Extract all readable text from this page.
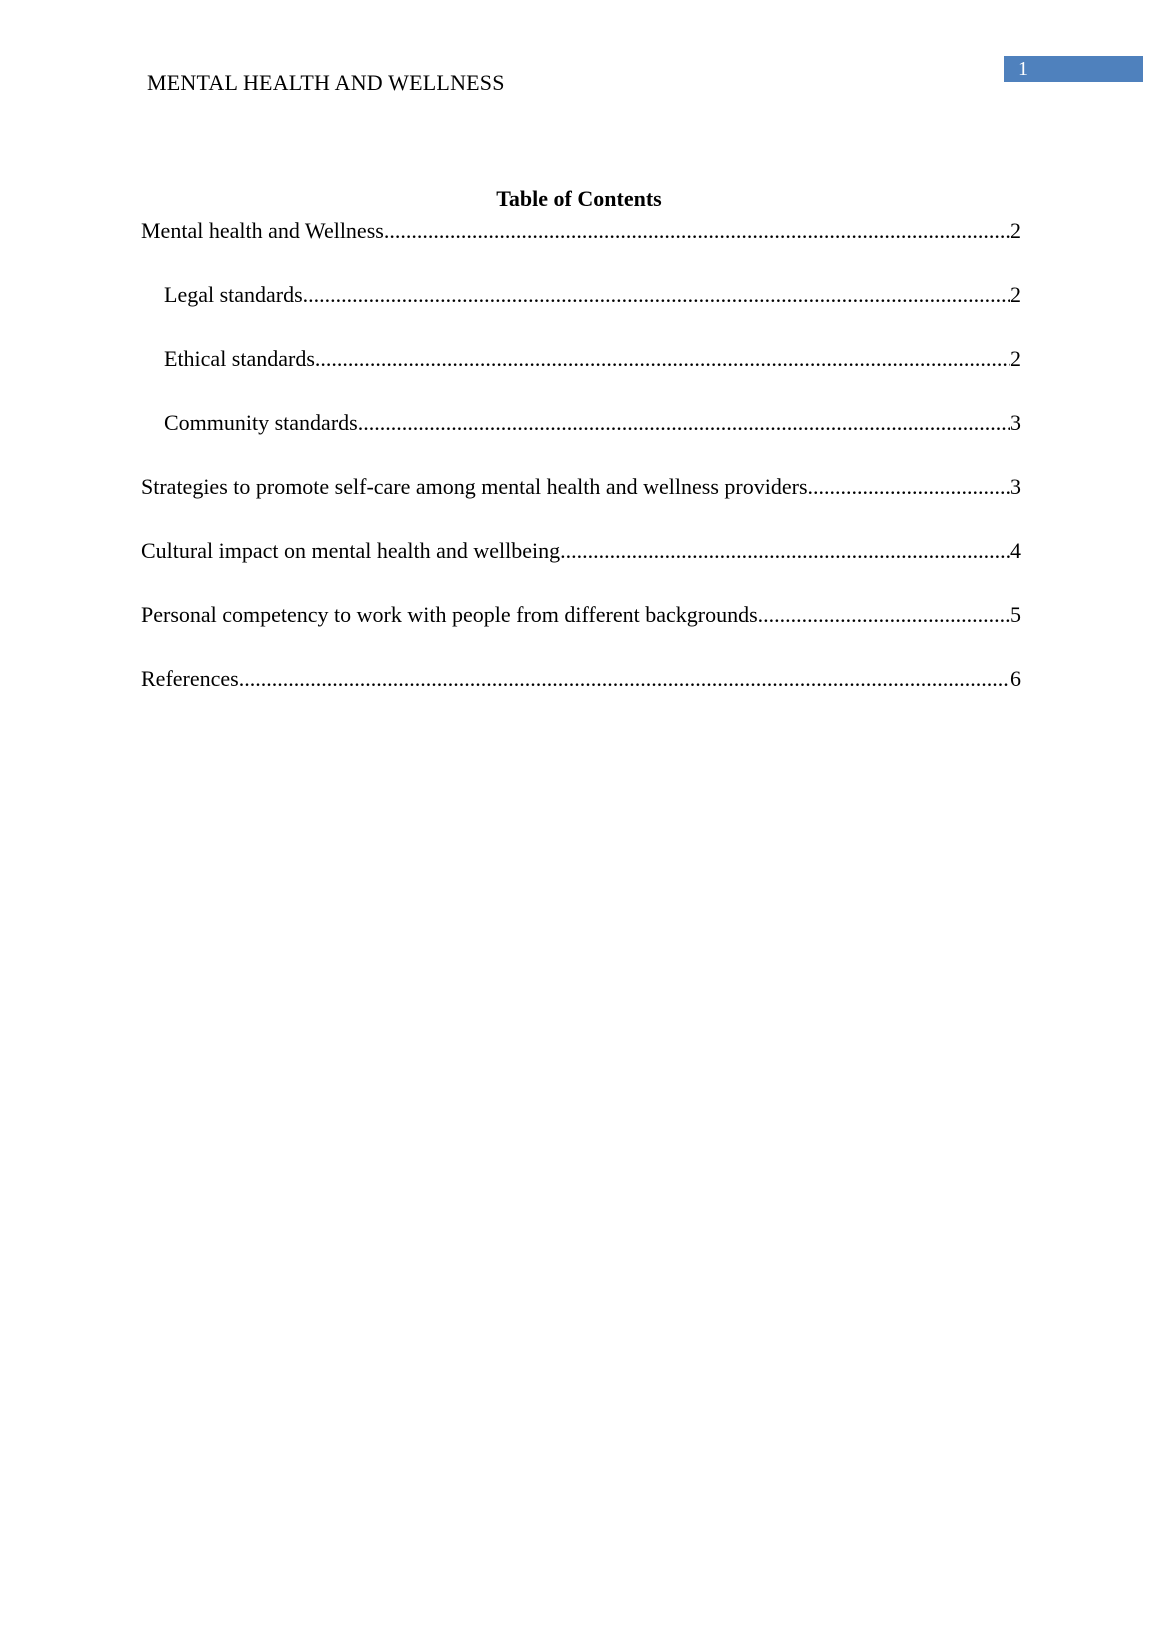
MENTAL HEALTH AND WELLNESS
1
Table of Contents
Mental health and Wellness .....	2
Legal standards .....	2
Ethical standards .....	2
Community standards .....	3
Strategies to promote self-care among mental health and wellness providers .....	3
Cultural impact on mental health and wellbeing .....	4
Personal competency to work with people from different backgrounds .....	5
References .....	6
